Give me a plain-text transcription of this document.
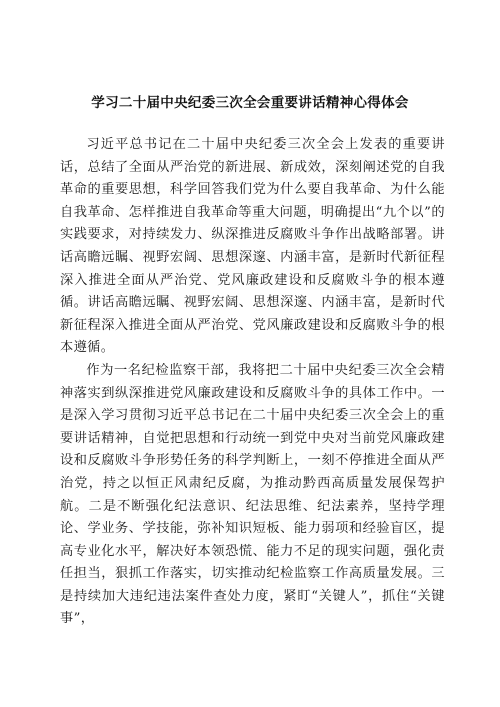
学习二十届中央纪委三次全会重要讲话精神心得体会

习近平总书记在二十届中央纪委三次全会上发表的重要讲话，总结了全面从严治党的新进展、新成效，深刻阐述党的自我革命的重要思想，科学回答我们党为什么要自我革命、为什么能自我革命、怎样推进自我革命等重大问题，明确提出“九个以”的实践要求，对持续发力、纵深推进反腐败斗争作出战略部署。讲话高瞻远瞩、视野宏阔、思想深邃、内涵丰富，是新时代新征程深入推进全面从严治党、党风廉政建设和反腐败斗争的根本遵循。讲话高瞻远瞩、视野宏阔、思想深邃、内涵丰富，是新时代新征程深入推进全面从严治党、党风廉政建设和反腐败斗争的根本遵循。

作为一名纪检监察干部，我将把二十届中央纪委三次全会精神落实到纵深推进党风廉政建设和反腐败斗争的具体工作中。一是深入学习贯彻习近平总书记在二十届中央纪委三次全会上的重要讲话精神，自觉把思想和行动统一到党中央对当前党风廉政建设和反腐败斗争形势任务的科学判断上，一刻不停推进全面从严治党，持之以恒正风肃纪反腐，为推动黔西高质量发展保驾护航。二是不断强化纪法意识、纪法思维、纪法素养，坚持学理论、学业务、学技能，弥补知识短板、能力弱项和经验盲区，提高专业化水平，解决好本领恐慌、能力不足的现实问题，强化责任担当，狠抓工作落实，切实推动纪检监察工作高质量发展。三是持续加大违纪违法案件查处力度，紧盯“关键人”，抓住“关键事”，
